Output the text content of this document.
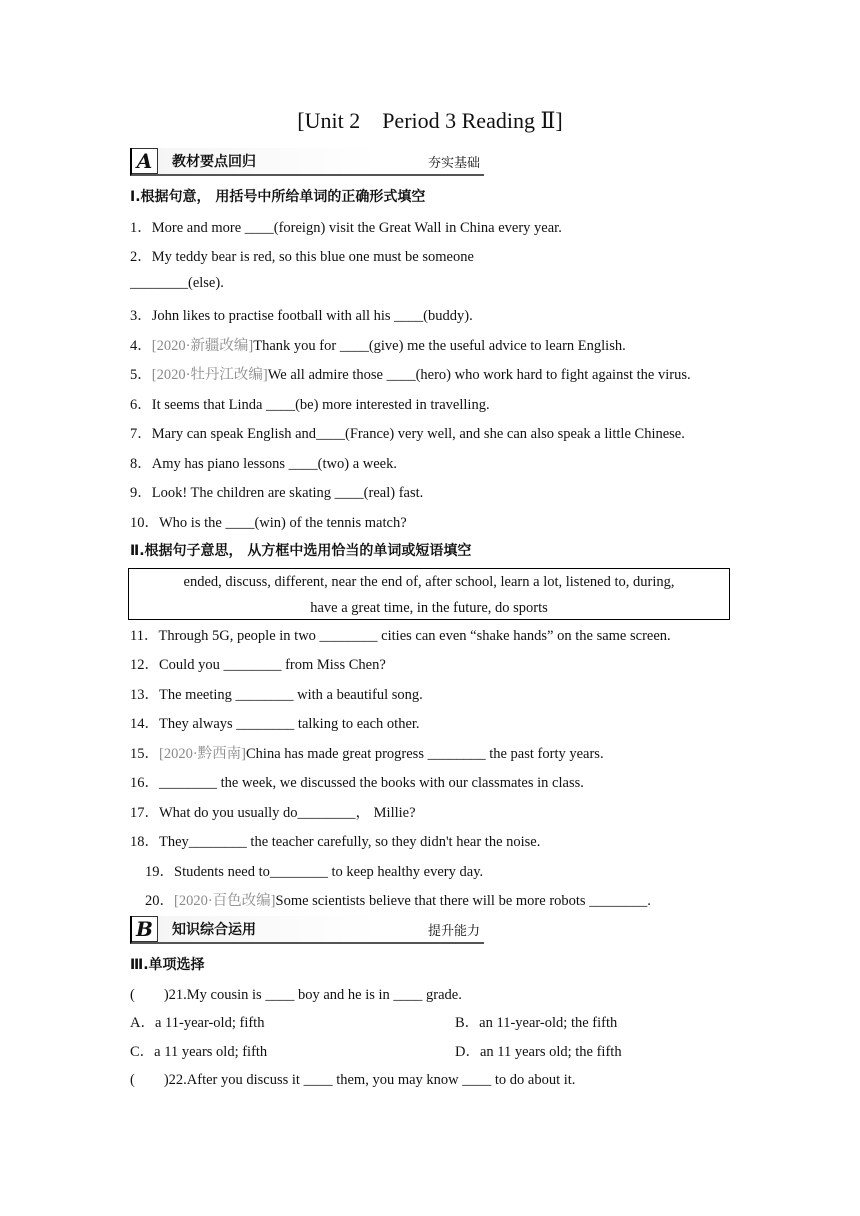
[Unit 2　Period 3 Reading Ⅱ]
A	教材要点回归	夯实基础
Ⅰ.根据句意， 用括号中所给单词的正确形式填空
1．More and more ____(foreign) visit the Great Wall in China every year.
2．My teddy bear is red, so this blue one must be someone
________(else).
3．John likes to practise football with all his ____(buddy).
4．[2020·新疆改编]Thank you for ____(give) me the useful advice to learn English.
5．[2020·牡丹江改编]We all admire those ____(hero) who work hard to fight against the virus.
6．It seems that Linda ____(be) more interested in travelling.
7．Mary can speak English and____(France) very well, and she can also speak a little Chinese.
8．Amy has piano lessons ____(two) a week.
9．Look! The children are skating ____(real) fast.
10．Who is the ____(win) of the tennis match?
Ⅱ.根据句子意思， 从方框中选用恰当的单词或短语填空
ended, discuss, different, near the end of, after school, learn a lot, listened to, during,
have a great time, in the future, do sports
11．Through 5G, people in two ________ cities can even “shake hands” on the same screen.
12．Could you ________ from Miss Chen?
13．The meeting ________ with a beautiful song.
14．They always ________ talking to each other.
15．[2020·黔西南]China has made great progress ________ the past forty years.
16．________ the week, we discussed the books with our classmates in class.
17．What do you usually do________， Millie?
18．They________ the teacher carefully, so they didn't hear the noise.
19．Students need to________ to keep healthy every day.
20．[2020·百色改编]Some scientists believe that there will be more robots ________.
B	知识综合运用	提升能力
Ⅲ.单项选择
(　　)21.My cousin is ____ boy and he is in ____ grade.
A．a 11-year-old; fifth	B．an 11-year-old; the fifth
C．a 11 years old; fifth	D．an 11 years old; the fifth
(　　)22.After you discuss it ____ them, you may know ____ to do about it.
